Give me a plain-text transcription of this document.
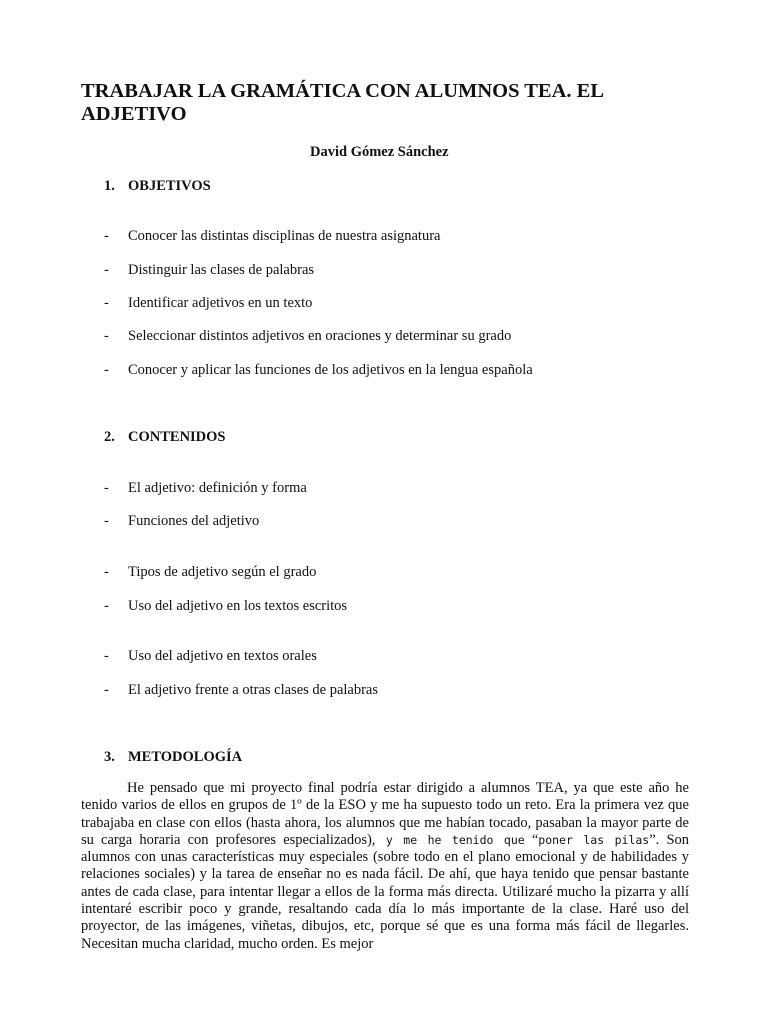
TRABAJAR LA GRAMÁTICA CON ALUMNOS TEA. EL ADJETIVO
David Gómez Sánchez
1. OBJETIVOS
-	Conocer las distintas disciplinas de nuestra asignatura
-	Distinguir las clases de palabras
-	Identificar adjetivos en un texto
-	Seleccionar distintos adjetivos en oraciones y determinar su grado
-	Conocer y aplicar las funciones de los adjetivos en la lengua española
2. CONTENIDOS
-	El adjetivo: definición y forma
-	Funciones del adjetivo
-	Tipos de adjetivo según el grado
-	Uso del adjetivo en los textos escritos
-	Uso del adjetivo en textos orales
-	El adjetivo frente a otras clases de palabras
3. METODOLOGÍA

He pensado que mi proyecto final podría estar dirigido a alumnos TEA, ya que este año he tenido varios de ellos en grupos de 1º de la ESO y me ha supuesto todo un reto. Era la primera vez que trabajaba en clase con ellos (hasta ahora, los alumnos que me habían tocado, pasaban la mayor parte de su carga horaria con profesores especializados), y me he tenido que “poner las pilas”. Son alumnos con unas características muy especiales (sobre todo en el plano emocional y de habilidades y relaciones sociales) y la tarea de enseñar no es nada fácil. De ahí, que haya tenido que pensar bastante antes de cada clase, para intentar llegar a ellos de la forma más directa. Utilizaré mucho la pizarra y allí intentaré escribir poco y grande, resaltando cada día lo más importante de la clase. Haré uso del proyector, de las imágenes, viñetas, dibujos, etc, porque sé que es una forma más fácil de llegarles. Necesitan mucha claridad, mucho orden. Es mejor
